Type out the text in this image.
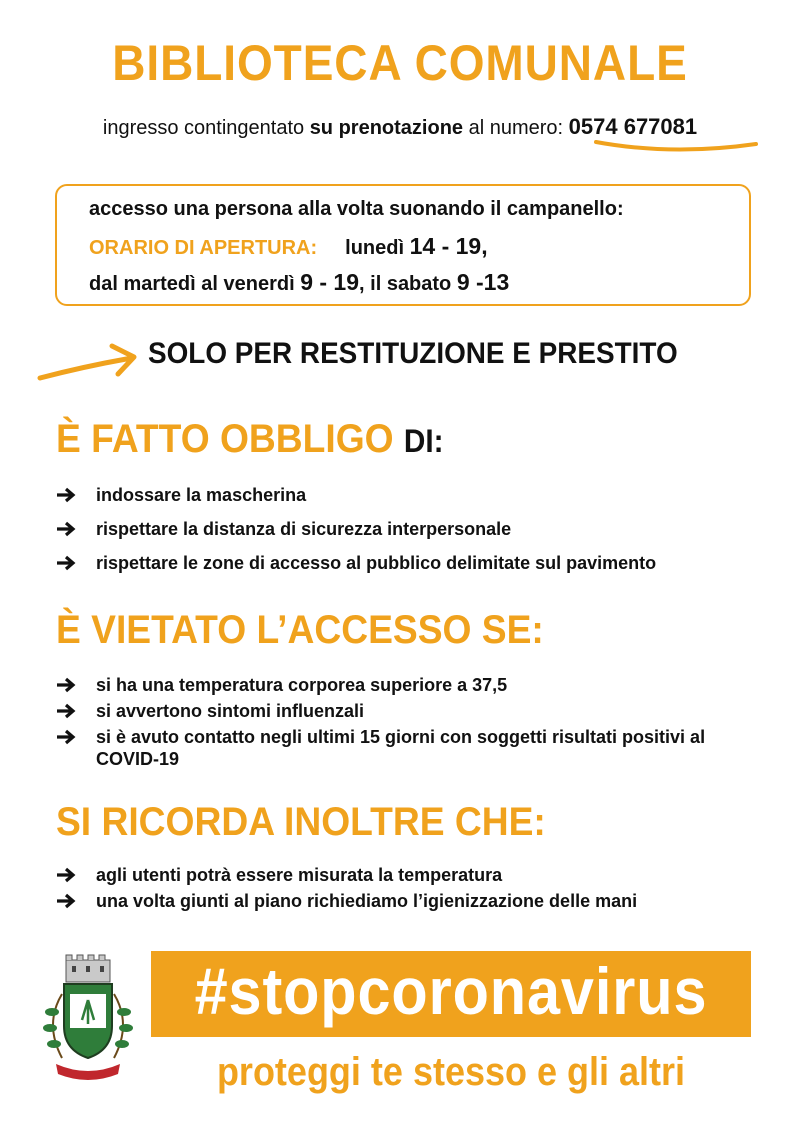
BIBLIOTECA COMUNALE
ingresso contingentato su prenotazione al numero: 0574 677081
accesso una persona alla volta suonando il campanello:
ORARIO DI APERTURA: lunedì 14 - 19,
dal martedì al venerdì 9 - 19, il sabato 9 -13
SOLO PER RESTITUZIONE E PRESTITO
È FATTO OBBLIGO DI:
indossare la mascherina
rispettare la distanza di sicurezza interpersonale
rispettare le zone di accesso al pubblico delimitate sul pavimento
È VIETATO L’ACCESSO SE:
si ha una temperatura corporea superiore a 37,5
si avvertono sintomi influenzali
si è avuto contatto negli ultimi 15 giorni con soggetti risultati positivi al COVID-19
SI RICORDA INOLTRE CHE:
agli utenti potrà essere misurata la temperatura
una volta giunti al piano richiediamo l’igienizzazione delle mani
#stopcoronavirus
proteggi te stesso e gli altri
